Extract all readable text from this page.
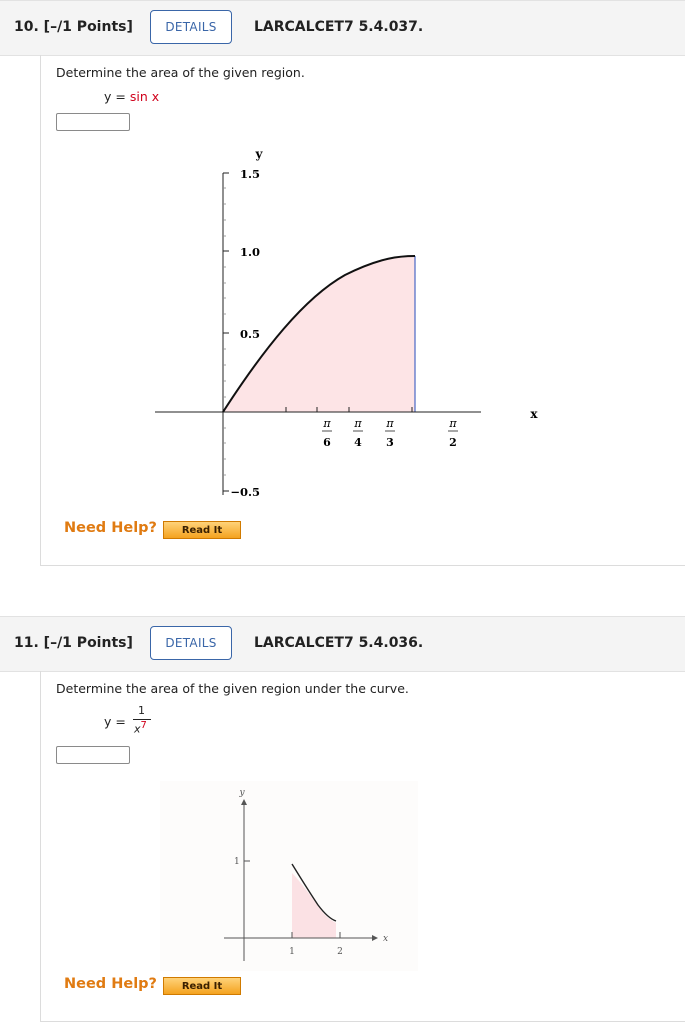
10. [–/1 Points]	DETAILS	LARCALCET7 5.4.037.
Determine the area of the given region.
y = sin x
y
x
1.5
1.0
0.5
−0.5
π
6
π
4
π
3
π
2
Need Help?	Read It
11. [–/1 Points]	DETAILS	LARCALCET7 5.4.036.
Determine the area of the given region under the curve.
y =
1
$x^7$
y
x
1
1	2
Need Help?	Read It
